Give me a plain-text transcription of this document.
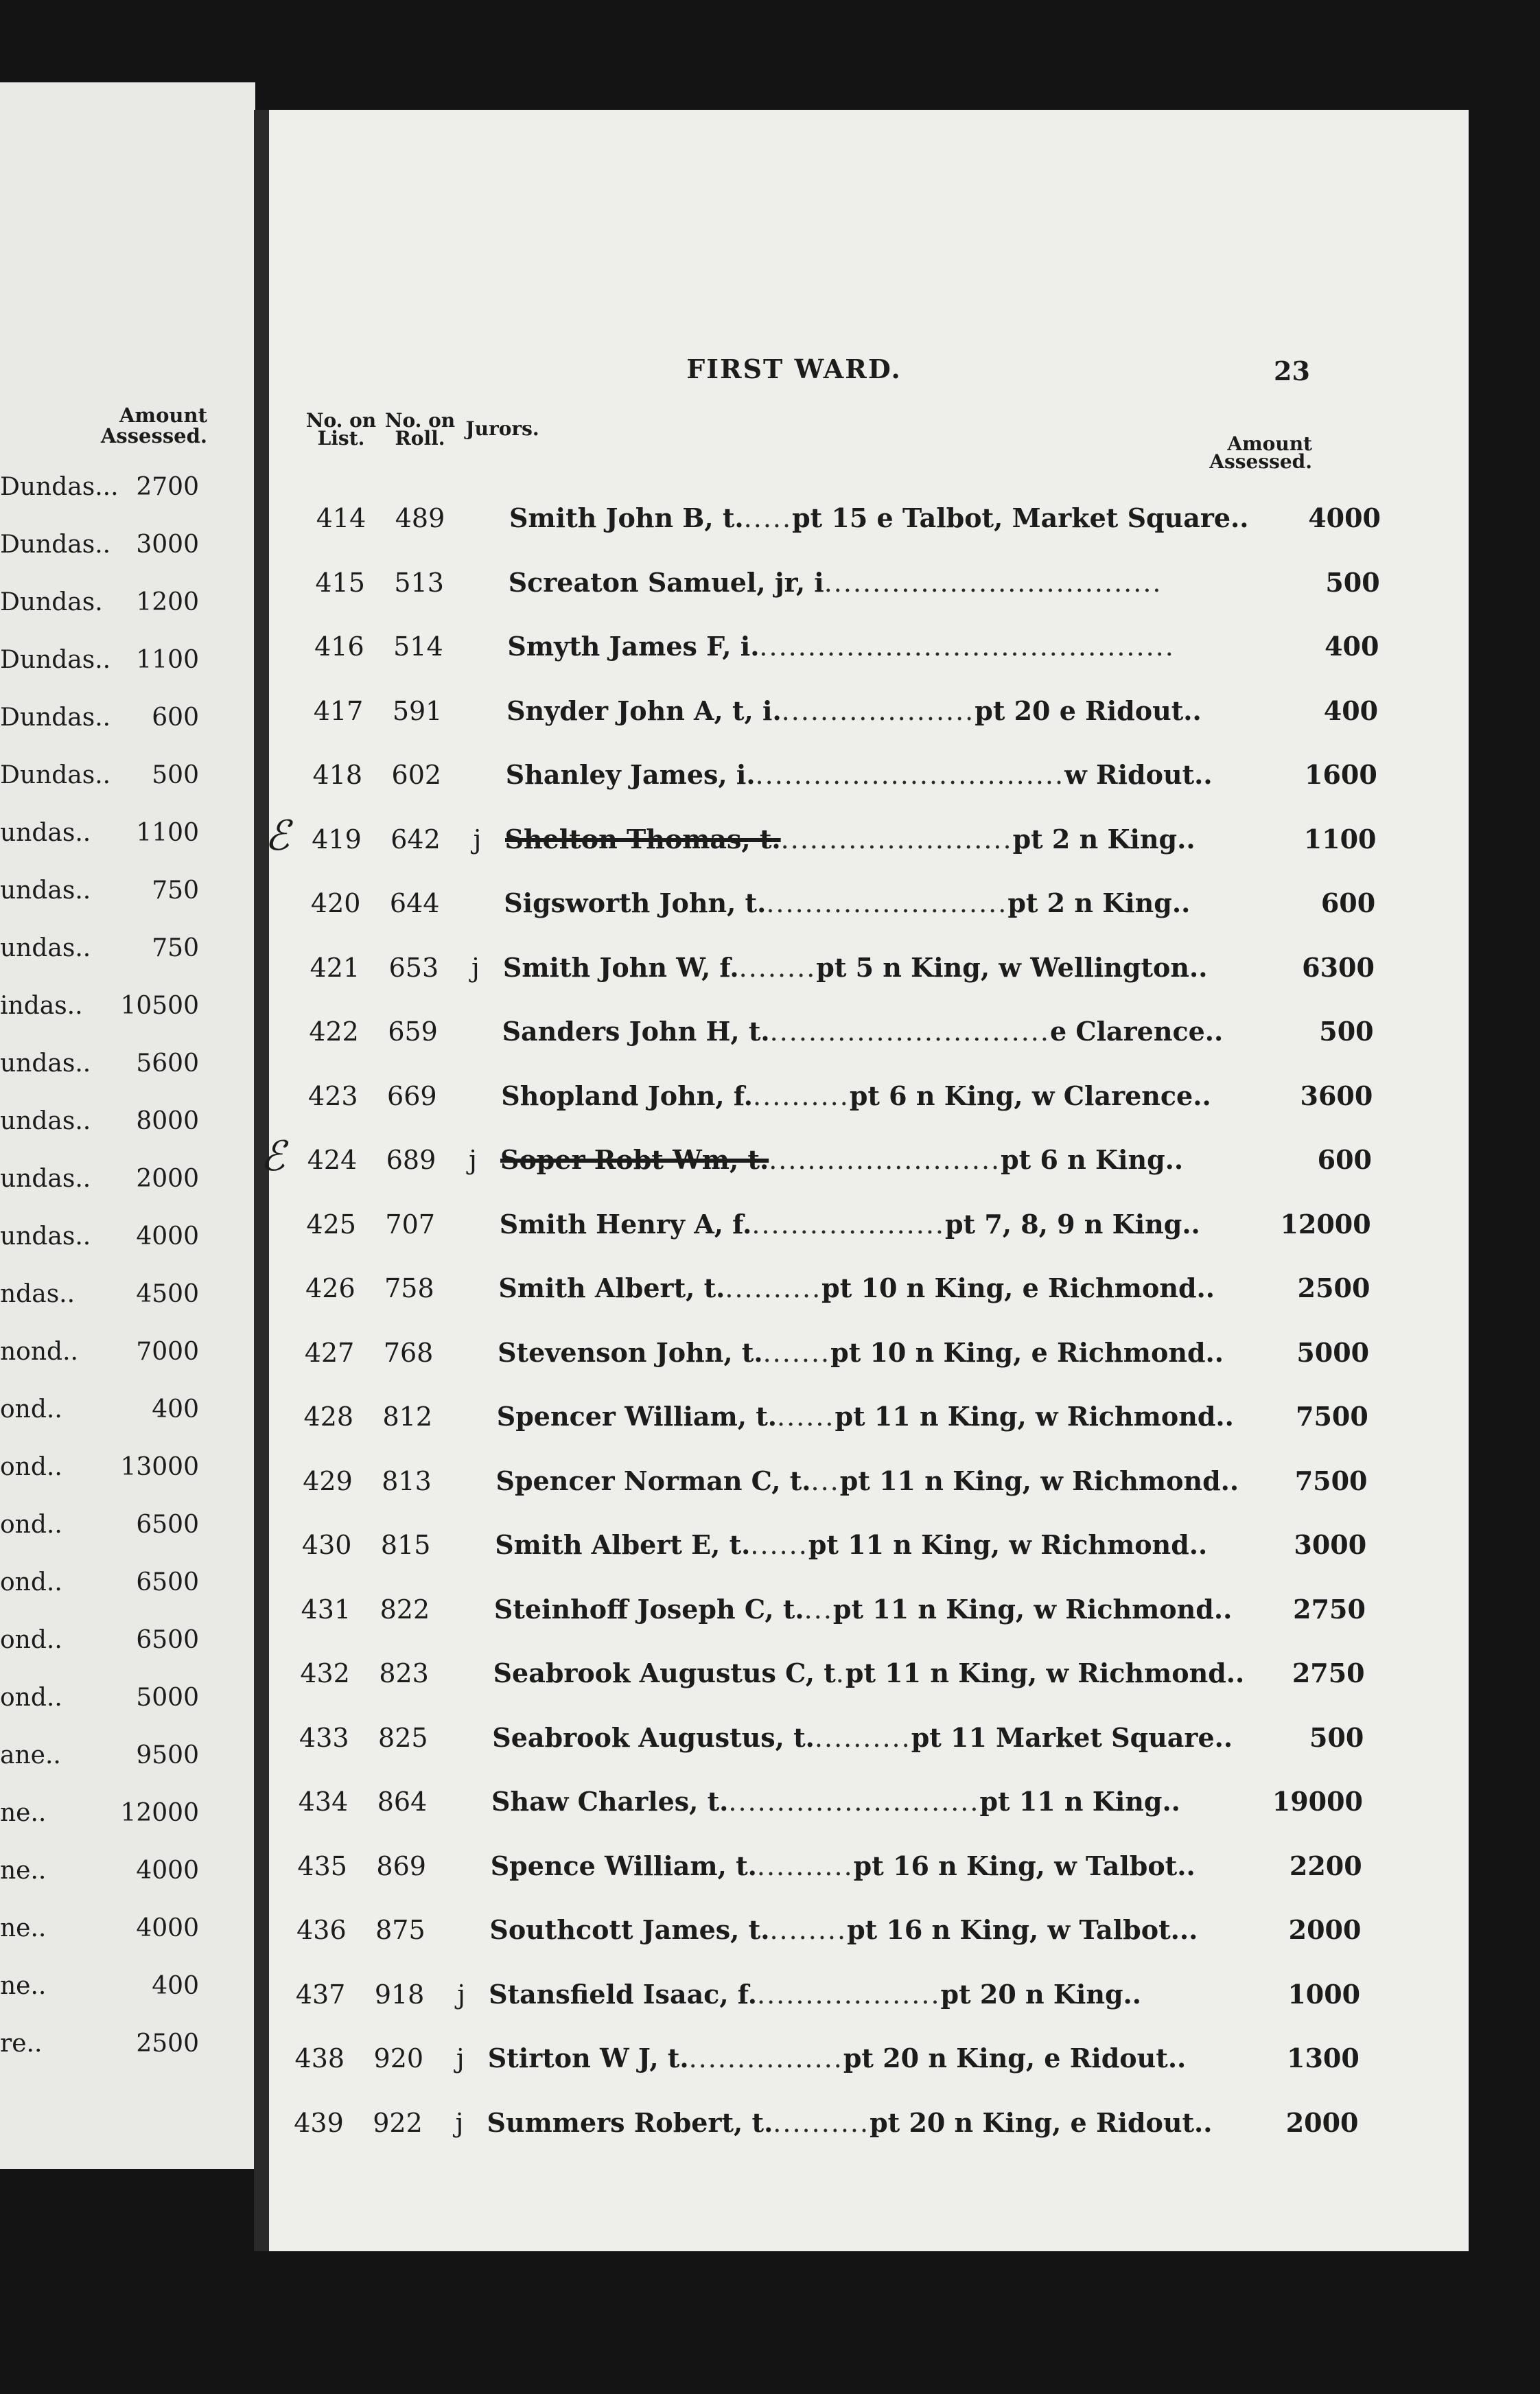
Amount Assessed.
Dundas... 2700
Dundas.. 3000
Dundas. 1200
Dundas.. 1100
Dundas.. 600
Dundas.. 500
undas.. 1100
undas.. 750
undas.. 750
indas.. 10500
undas.. 5600
undas.. 8000
undas.. 2000
undas.. 4000
ndas.. 4500
nond.. 7000
ond..	400
ond.. 13000
ond..	6500
ond..	6500
ond..	6500
ond..	5000
ane..	9500
ne..	12000
ne..	4000
ne..	4000
ne..	400
re..	2500
FIRST WARD.	23
No. on List.
No. on Roll.	Jurors.
Amount Assessed.
414 489 Smith John B, t......pt 15 e Talbot, Market Square..	4000
415 513 Screaton Samuel, jr, i...................................	500
416 514 Smyth James F, i............................................	400
417 591 Snyder John A, t, i.....................pt 20 e Ridout..	400
418 602 Shanley James, i.................................w Ridout..	1600
ℰ 419 642	j Shelton Thomas, t.........................pt 2 n King..	1100
420 644 Sigsworth John, t..........................pt 2 n King..	600
421 653	j Smith John W, f.........pt 5 n King, w Wellington..	6300
422 659 Sanders John H, t..............................e Clarence..	500
423 669 Shopland John, f...........pt 6 n King, w Clarence..	3600
ℰ 424 689	j Soper Robt Wm, t.........................pt 6 n King..	600
425 707 Smith Henry A, f.....................pt 7, 8, 9 n King..	12000
426 758 Smith Albert, t...........pt 10 n King, e Richmond..	2500
427 768 Stevenson John, t........pt 10 n King, e Richmond..	5000
428 812 Spencer William, t.......pt 11 n King, w Richmond..	7500
429 813 Spencer Norman C, t....pt 11 n King, w Richmond..	7500
430 815 Smith Albert E, t.......pt 11 n King, w Richmond..	3000
431 822 Steinhoff Joseph C, t....pt 11 n King, w Richmond..	2750
432 823 Seabrook Augustus C, t.pt 11 n King, w Richmond..	2750
433 825 Seabrook Augustus, t...........pt 11 Market Square..	500
434 864 Shaw Charles, t...........................pt 11 n King..	19000
435 869 Spence William, t...........pt 16 n King, w Talbot..	2200
436 875 Southcott James, t.........pt 16 n King, w Talbot...	2000
437 918	j Stansfield Isaac, f....................pt 20 n King..	1000
438 920	j Stirton W J, t.................pt 20 n King, e Ridout..	1300
439 922	j Summers Robert, t...........pt 20 n King, e Ridout..	2000
